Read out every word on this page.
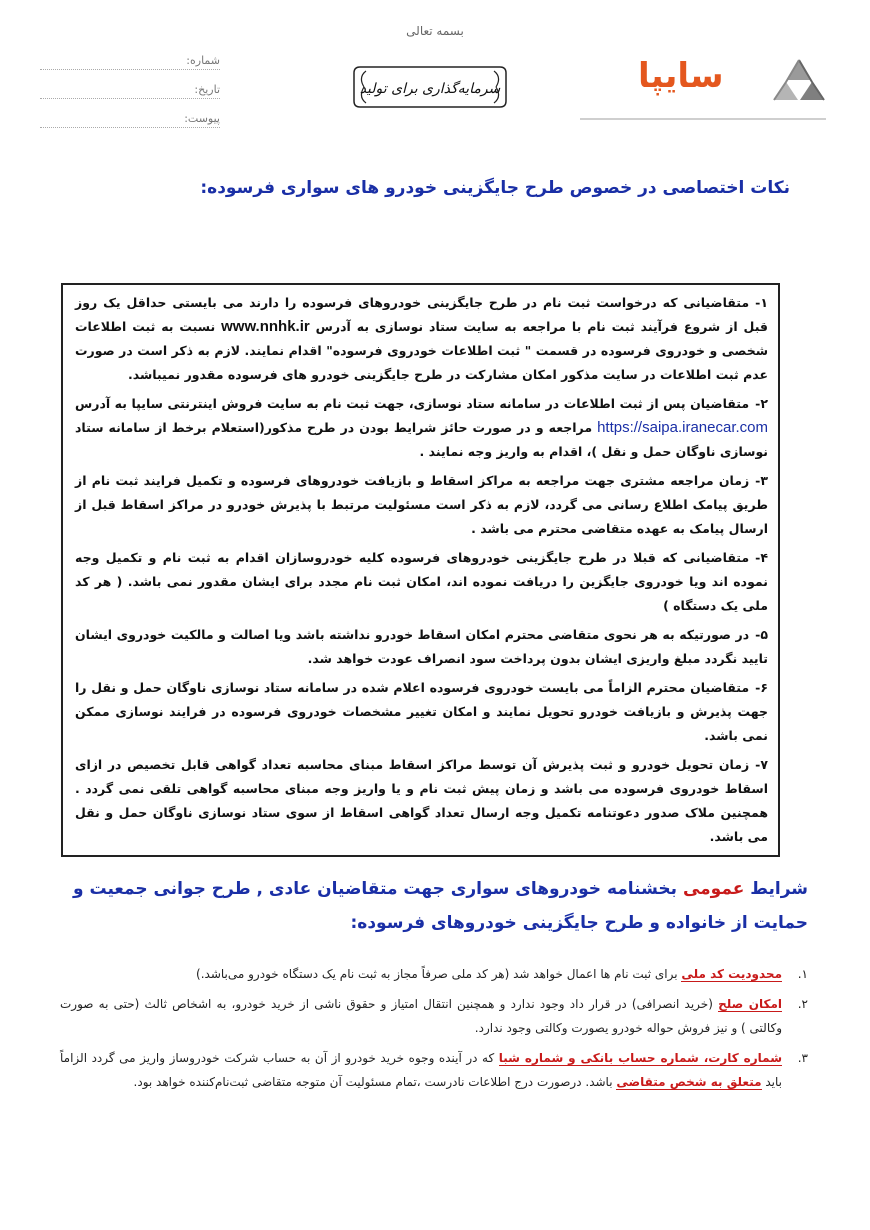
بسمه تعالی
شماره:
تاریخ:
پیوست:
سرمایه‌گذاری برای تولید	سایپا
نکات اختصاصی در خصوص طرح جایگزینی خودرو های سواری فرسوده:
۱-متقاضیانی که درخواست ثبت نام در طرح جایگزینی خودروهای فرسوده را دارند می بایستی حداقل یک روز قبل از شروع فرآیند ثبت نام با مراجعه به سایت ستاد نوسازی به آدرس www.nnhk.ir نسبت به ثبت اطلاعات شخصی و خودروی فرسوده در قسمت " ثبت اطلاعات خودروی فرسوده" اقدام نمایند. لازم به ذکر است در صورت عدم ثبت اطلاعات در سایت مذکور امکان مشارکت در طرح جایگزینی خودرو های فرسوده مقدور نمیباشد.
۲-متقاضیان پس از ثبت اطلاعات در سامانه ستاد نوسازی، جهت ثبت نام به سایت فروش اینترنتی سایپا به آدرس https://saipa.iranecar.com مراجعه و در صورت حائز شرایط بودن در طرح مذکور(استعلام برخط از سامانه ستاد نوسازی ناوگان حمل و نقل )، اقدام به واریز وجه نمایند .
۳-زمان مراجعه مشتری جهت مراجعه به مراکز اسقاط و بازیافت خودروهای فرسوده و تکمیل فرایند ثبت نام از طریق پیامک اطلاع رسانی می گردد، لازم به ذکر است مسئولیت مرتبط با پذیرش خودرو در مراکز اسقاط قبل از ارسال پیامک به عهده متقاضی محترم می باشد .
۴-متقاضیانی که قبلا در طرح جایگزینی خودروهای فرسوده کلیه خودروسازان اقدام به ثبت نام و تکمیل وجه نموده اند ویا خودروی جایگزین را دریافت نموده اند، امکان ثبت نام مجدد برای ایشان مقدور نمی باشد. ( هر کد ملی یک دستگاه )
۵-در صورتیکه به هر نحوی متقاضی محترم امکان اسقاط خودرو نداشته باشد ویا اصالت و مالکیت خودروی ایشان تایید نگردد مبلغ واریزی ایشان بدون پرداخت سود انصراف عودت خواهد شد.
۶-متقاضیان محترم الزاماً می بایست خودروی فرسوده اعلام شده در سامانه ستاد نوسازی ناوگان حمل و نقل را جهت پذیرش و بازیافت خودرو تحویل نمایند و امکان تغییر مشخصات خودروی فرسوده در فرایند نوسازی ممکن نمی باشد.
۷-زمان تحویل خودرو و ثبت پذیرش آن توسط مراکز اسقاط مبنای محاسبه تعداد گواهی قابل تخصیص در ازای اسقاط خودروی فرسوده می باشد و زمان پیش ثبت نام و یا واریز وجه مبنای محاسبه گواهی تلقی نمی گردد . همچنین ملاک صدور دعوتنامه تکمیل وجه ارسال تعداد گواهی اسقاط از سوی ستاد نوسازی ناوگان حمل و نقل می باشد.
شرایط عمومی بخشنامه خودروهای سواری جهت متقاضیان عادی , طرح جوانی جمعیت و حمایت از خانواده و طرح جایگزینی خودروهای فرسوده:
۱.
محدودیت کد ملی برای ثبت نام ها اعمال خواهد شد (هر کد ملی صرفاً مجاز به ثبت نام یک دستگاه خودرو می‌باشد.)
۲.
امکان صلح (خرید انصرافی) در قرار داد وجود ندارد و همچنین انتقال امتیاز و حقوق ناشی از خرید خودرو، به اشخاص ثالث (حتی به صورت وکالتی ) و نیز فروش حواله خودرو یصورت وکالتی وجود ندارد.
۳.
شماره کارت، شماره حساب بانکی و شماره شبا که در آینده وجوه خرید خودرو از آن به حساب شرکت خودروساز واریز می گردد الزاماً باید متعلق به شخص متقاضی باشد. درصورت درج اطلاعات نادرست ،تمام مسئولیت آن متوجه متقاضی ثبت‌نام‌کننده خواهد بود.
